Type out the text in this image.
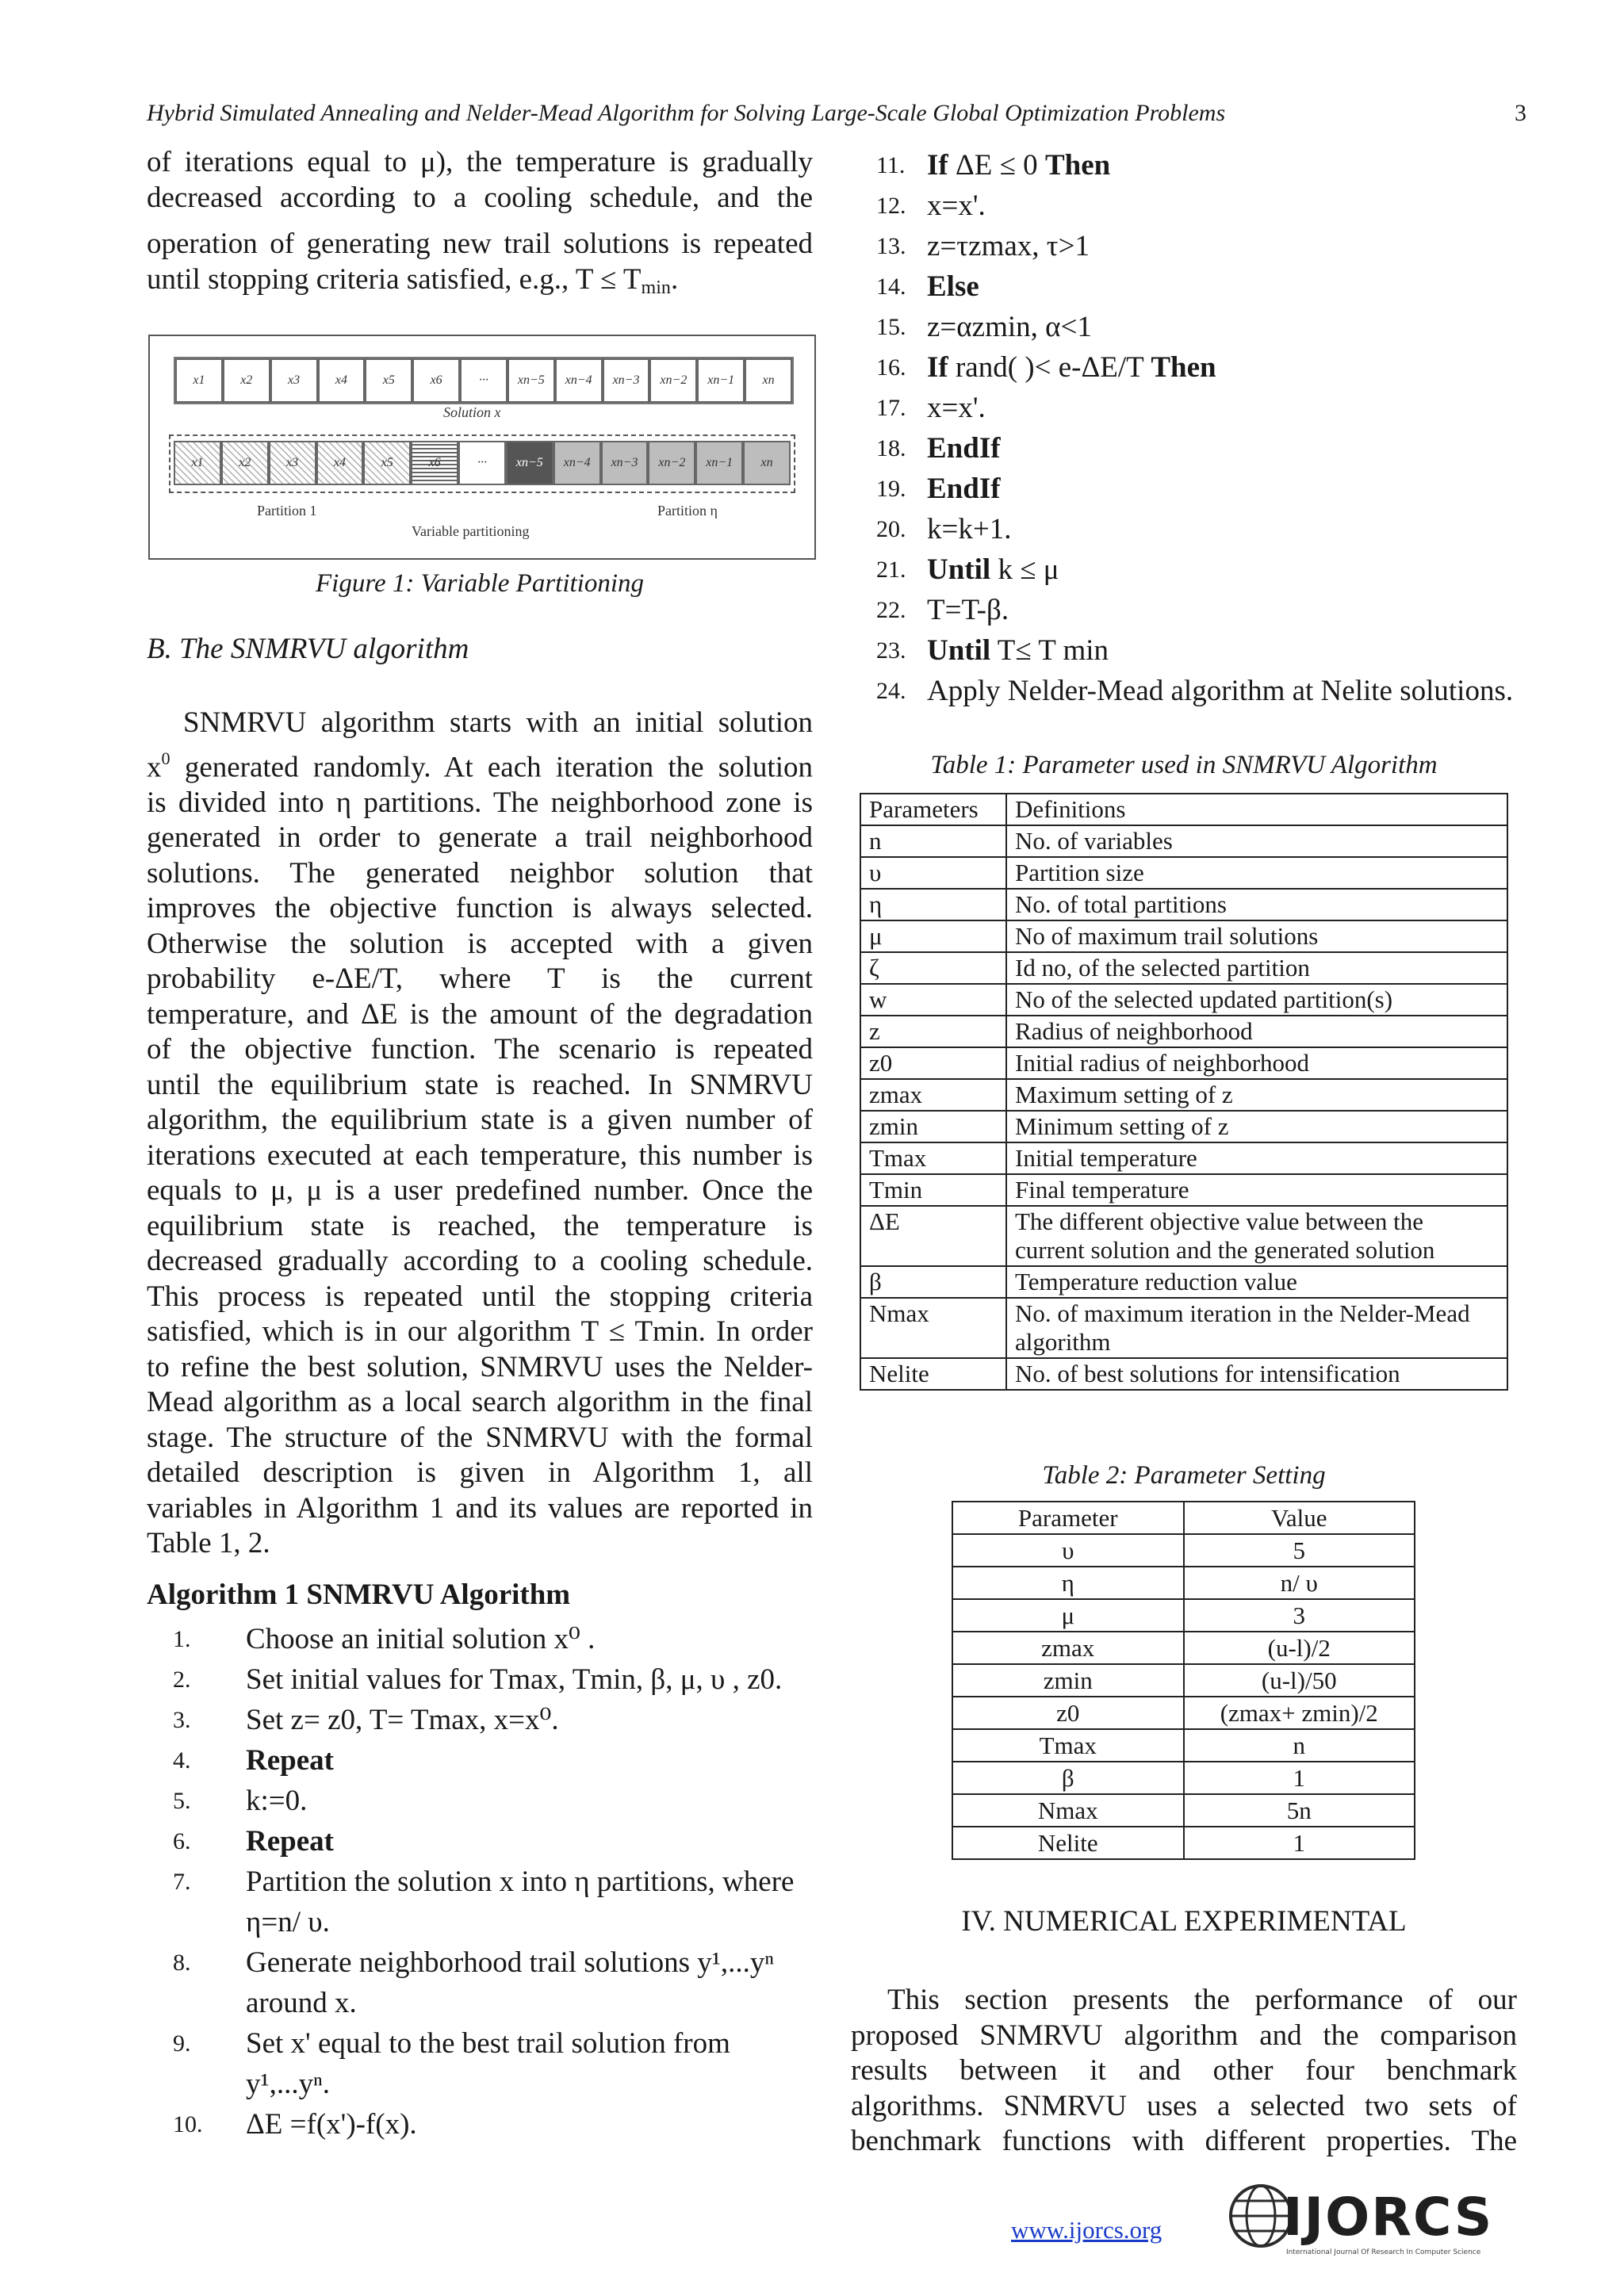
Hybrid Simulated Annealing and Nelder-Mead Algorithm for Solving Large-Scale Global Optimization Problems	3

of iterations equal to μ), the temperature is gradually

decreased according to a cooling schedule, and the

operation of generating new trail solutions is repeated

until stopping criteria satisfied, e.g., $T \le T_{min}$.

x1	x2	x3	x4	x5	x6	···	xn−5	xn−4	xn−3	xn−2	xn−1	xn
Solution x
x1	x2	x3	x4	x5	x6	···	xn−5	xn−4	xn−3	xn−2	xn−1	xn
Partition 1	Partition η
Variable partitioning
Figure 1: Variable Partitioning
B. The SNMRVU algorithm

SNMRVU algorithm starts with an initial solution

$x^0$ generated randomly. At each iteration the solution

is divided into η partitions. The neighborhood zone is

generated in order to generate a trail neighborhood

solutions. The generated neighbor solution that

improves the objective function is always selected.

Otherwise the solution is accepted with a given

probability e-ΔE/T, where T is the current

temperature, and ΔE is the amount of the degradation

of the objective function. The scenario is repeated

until the equilibrium state is reached. In SNMRVU

algorithm, the equilibrium state is a given number of

iterations executed at each temperature, this number is

equals to μ, μ is a user predefined number. Once the

equilibrium state is reached, the temperature is

decreased gradually according to a cooling schedule.

This process is repeated until the stopping criteria

satisfied, which is in our algorithm T ≤ Tmin. In order

to refine the best solution, SNMRVU uses the Nelder-

Mead algorithm as a local search algorithm in the final

stage. The structure of the SNMRVU with the formal

detailed description is given in Algorithm 1, all

variables in Algorithm 1 and its values are reported in

Table 1, 2.

Algorithm 1 SNMRVU Algorithm
1.	Choose an initial solution x⁰ .
2.	Set initial values for Tmax, Tmin, β, μ, υ , z0.
3.	Set z= z0, T= Tmax, x=x⁰.
4.	Repeat
5.	k:=0.
6.	Repeat
7.	Partition the solution x into η partitions, where
η=n/ υ.
8.	Generate neighborhood trail solutions y¹,...yⁿ
around x.
9.	Set x' equal to the best trail solution from
y¹,...yⁿ.
10.	ΔE =f(x')-f(x).
11. If ΔE ≤ 0 Then
12. x=x'.
13. z=τzmax, τ>1
14. Else
15. z=αzmin, α<1
16. If rand( )< e-ΔE/T Then
17. x=x'.
18. EndIf
19. EndIf
20. k=k+1.
21. Until k ≤ μ
22. T=T-β.
23. Until T≤ T min
24. Apply Nelder-Mead algorithm at Nelite solutions.
Table 1: Parameter used in SNMRVU Algorithm
Parameters	Definitions
n	No. of variables
υ	Partition size
η	No. of total partitions
μ	No of maximum trail solutions
ζ	Id no, of the selected partition
w	No of the selected updated partition(s)
z	Radius of neighborhood
z0	Initial radius of neighborhood
zmax	Maximum setting of z
zmin	Minimum setting of z
Tmax	Initial temperature
Tmin	Final temperature
ΔE	The different objective value between the current solution and the generated solution
β	Temperature reduction value
Nmax	No. of maximum iteration in the Nelder-Mead algorithm
Nelite	No. of best solutions for intensification
Table 2: Parameter Setting
Parameter	Value
υ	5
η	n/ υ
μ	3
zmax	(u-l)/2
zmin	(u-l)/50
z0	(zmax+ zmin)/2
Tmax	n
β	1
Nmax	5n
Nelite	1
IV. NUMERICAL EXPERIMENTAL

This section presents the performance of our

proposed SNMRVU algorithm and the comparison

results between it and other four benchmark

algorithms. SNMRVU uses a selected two sets of

benchmark functions with different properties. The

www.ijorcs.org IJORCS
International Journal Of Research In Computer Science
